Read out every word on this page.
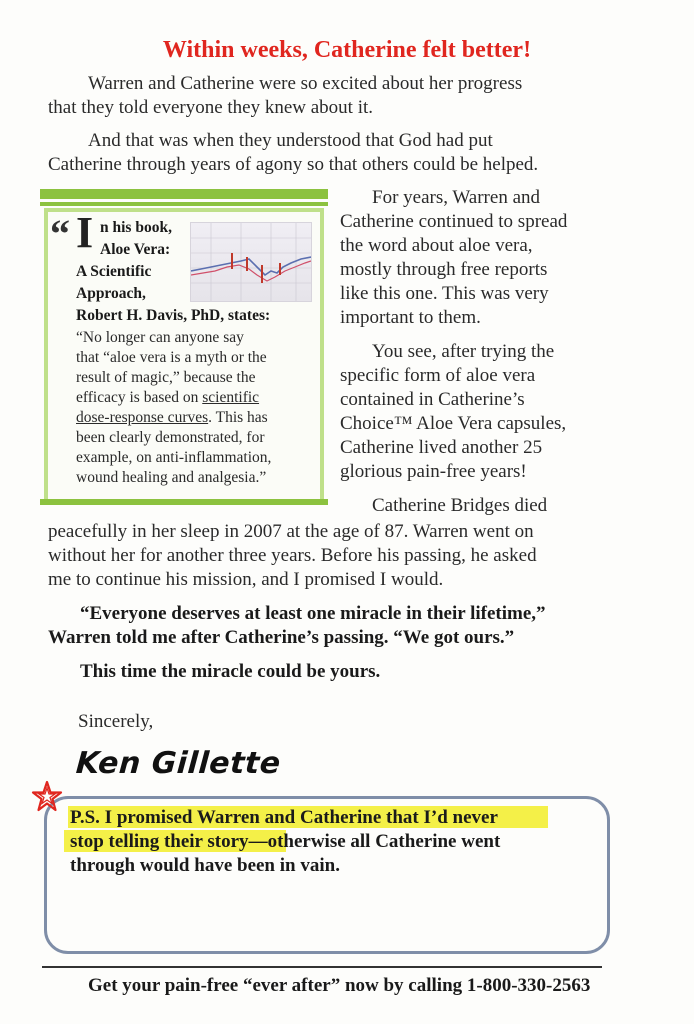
Within weeks, Catherine felt better!
Warren and Catherine were so excited about her progress
that they told everyone they knew about it.
And that was when they understood that God had put
Catherine through years of agony so that others could be helped.
“ I n his book,
Aloe Vera:
A Scientific
Approach,
Robert H. Davis, PhD, states:
“No longer can anyone say
that “aloe vera is a myth or the
result of magic,” because the
efficacy is based on scientific
dose-response curves. This has
been clearly demonstrated, for
example, on anti-inflammation,
wound healing and analgesia.”
For years, Warren and
Catherine continued to spread
the word about aloe vera,
mostly through free reports
like this one. This was very
important to them.
You see, after trying the
specific form of aloe vera
contained in Catherine’s
Choice™ Aloe Vera capsules,
Catherine lived another 25
glorious pain-free years!
Catherine Bridges died
peacefully in her sleep in 2007 at the age of 87. Warren went on
without her for another three years. Before his passing, he asked
me to continue his mission, and I promised I would.
“Everyone deserves at least one miracle in their lifetime,”
Warren told me after Catherine’s passing. “We got ours.”
This time the miracle could be yours.
Sincerely,
Ken Gillette
P.S. I promised Warren and Catherine that I’d never
stop telling their story—otherwise all Catherine went
through would have been in vain.
Get your pain-free “ever after” now by calling 1-800-330-2563
